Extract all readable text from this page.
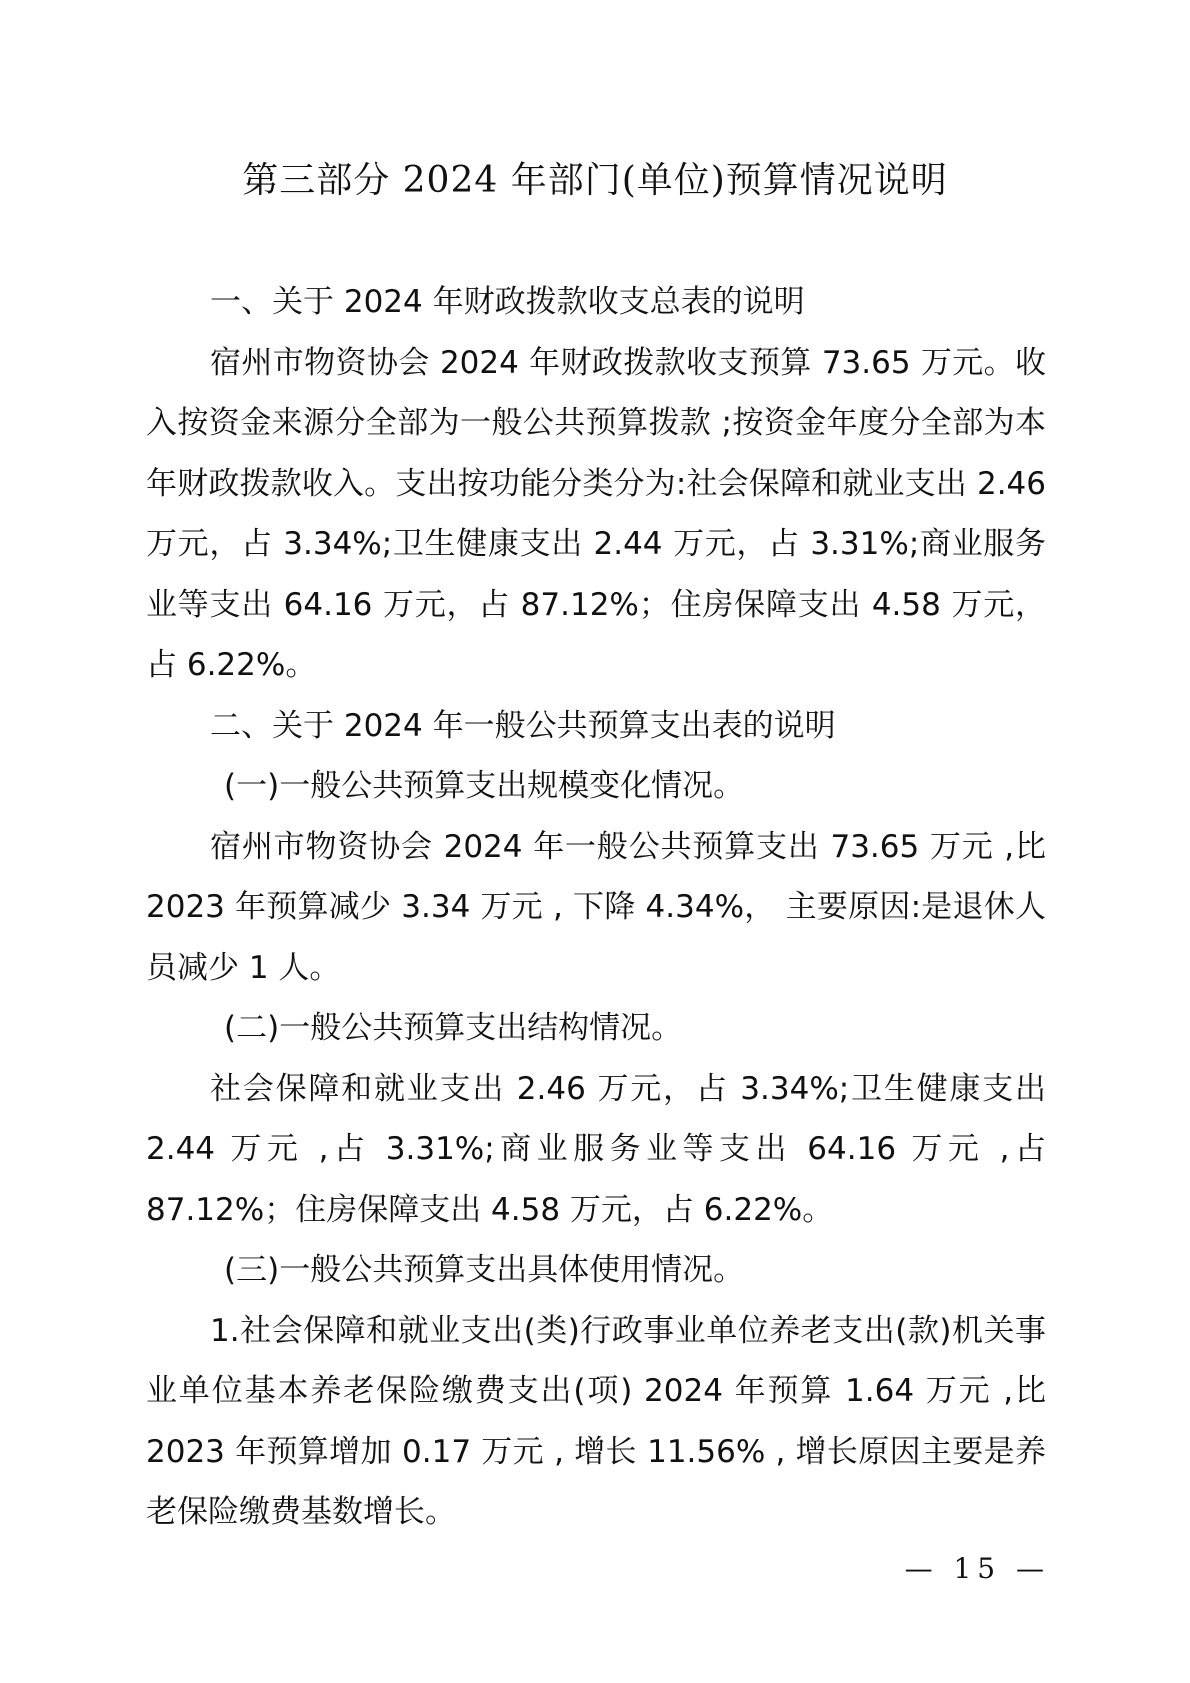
第三部分 2024 年部门(单位)预算情况说明

一、关于 2024 年财政拨款收支总表的说明

宿州市物资协会 2024 年财政拨款收支预算 73.65 万元。收入按资金来源分全部为一般公共预算拨款 ;按资金年度分全部为本年财政拨款收入。支出按功能分类分为:社会保障和就业支出 2.46 万元，占 3.34%;卫生健康支出 2.44 万元，占 3.31%;商业服务业等支出 64.16 万元，占 87.12%；住房保障支出 4.58 万元，占 6.22%。

二、关于 2024 年一般公共预算支出表的说明

(一)一般公共预算支出规模变化情况。

宿州市物资协会 2024 年一般公共预算支出 73.65 万元 ,比 2023 年预算减少 3.34 万元 , 下降 4.34%， 主要原因:是退休人员减少 1 人。

(二)一般公共预算支出结构情况。

社会保障和就业支出 2.46 万元，占 3.34%;卫生健康支出 2.44 万元 ,占 3.31%;商业服务业等支出 64.16 万元 ,占 87.12%；住房保障支出 4.58 万元，占 6.22%。

(三)一般公共预算支出具体使用情况。

1.社会保障和就业支出(类)行政事业单位养老支出(款)机关事业单位基本养老保险缴费支出(项) 2024 年预算 1.64 万元 ,比 2023 年预算增加 0.17 万元 , 增长 11.56% , 增长原因主要是养老保险缴费基数增长。

— 15 —
